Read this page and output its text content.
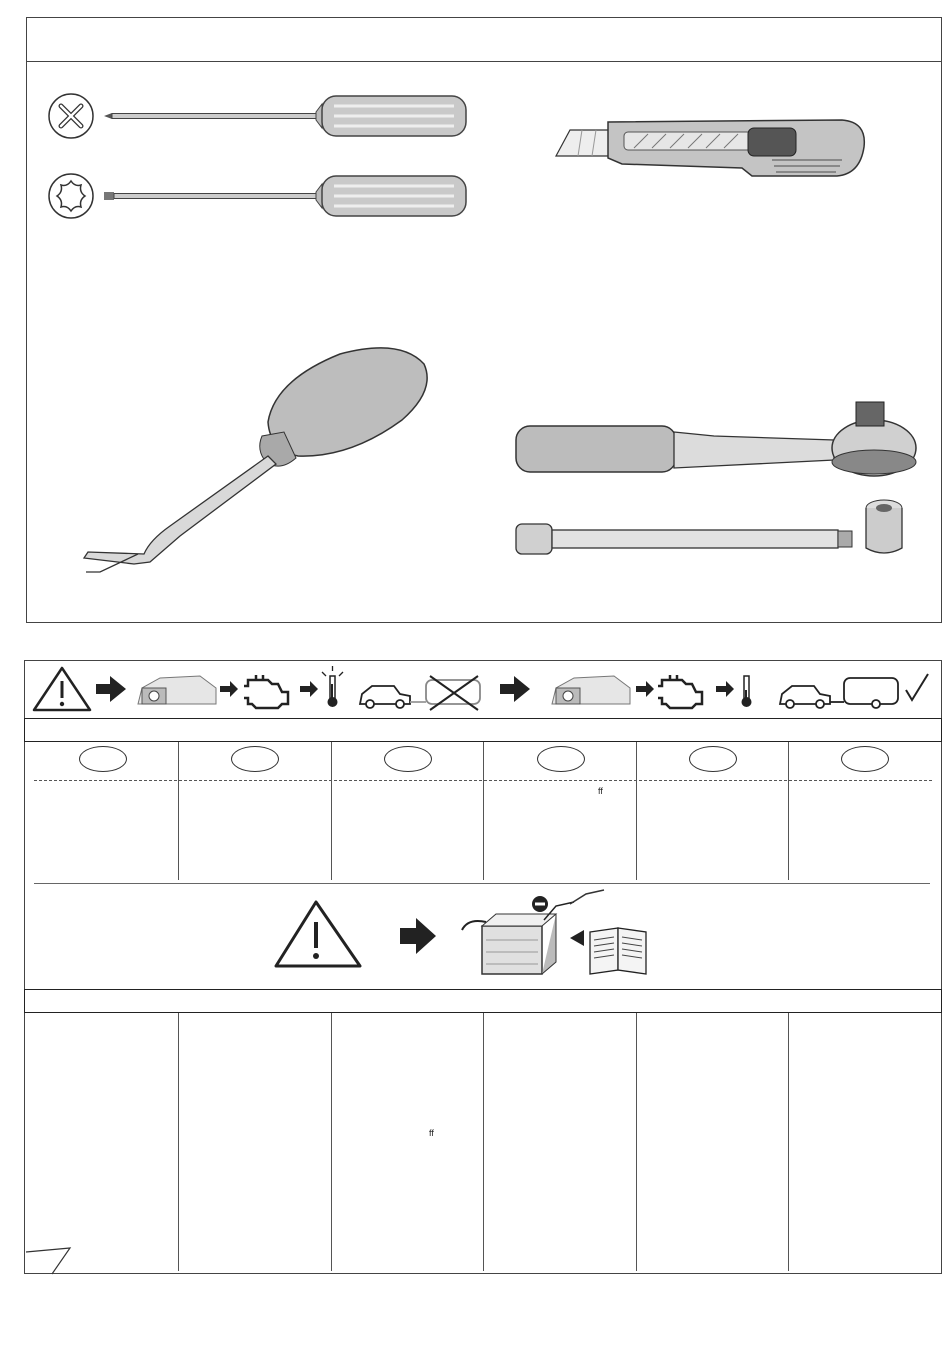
ff
ff
